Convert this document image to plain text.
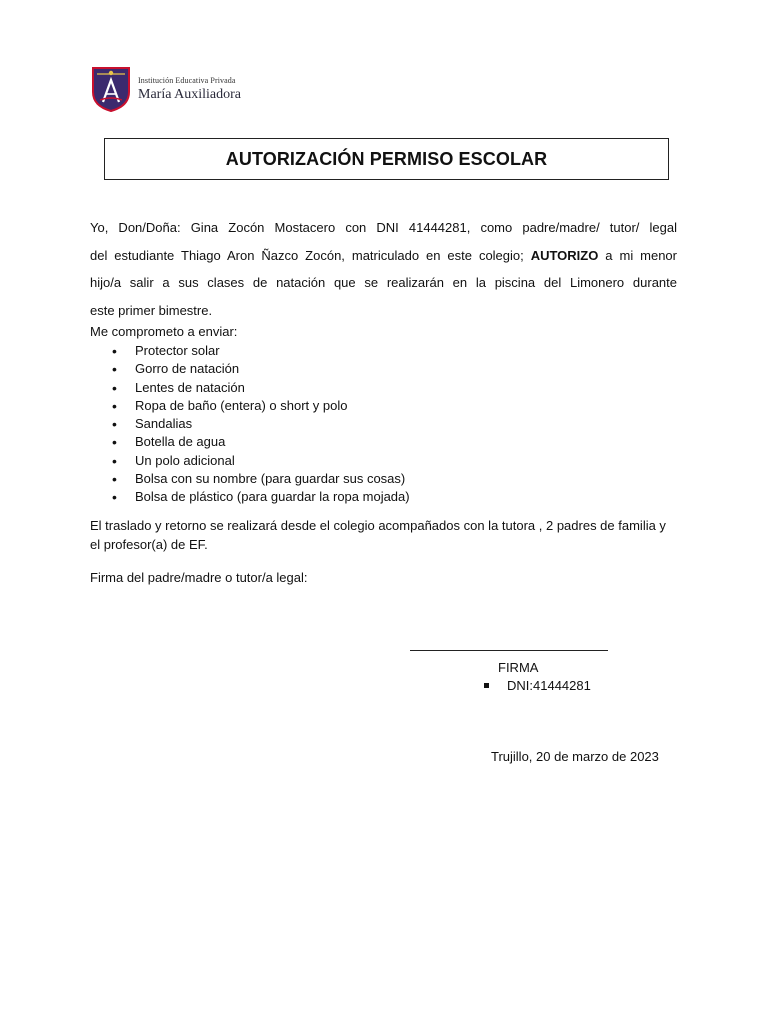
Institución Educativa Privada
María Auxiliadora
AUTORIZACIÓN PERMISO ESCOLAR
Yo, Don/Doña: Gina Zocón Mostacero con DNI 41444281, como padre/madre/ tutor/ legal
del estudiante Thiago Aron Ñazco Zocón, matriculado en este colegio; AUTORIZO a mi menor
hijo/a salir a sus clases de natación que se realizarán en la piscina del Limonero durante
este primer bimestre.
Me comprometo a enviar:
• Protector solar
• Gorro de natación
• Lentes de natación
• Ropa de baño (entera) o short y polo
• Sandalias
• Botella de agua
• Un polo adicional
• Bolsa con su nombre (para guardar sus cosas)
• Bolsa de plástico (para guardar la ropa mojada)
El traslado y retorno se realizará desde el colegio acompañados con la tutora , 2 padres de familia y el profesor(a) de EF.
Firma del padre/madre o tutor/a legal:
FIRMA
DNI:41444281
Trujillo, 20 de marzo de 2023
